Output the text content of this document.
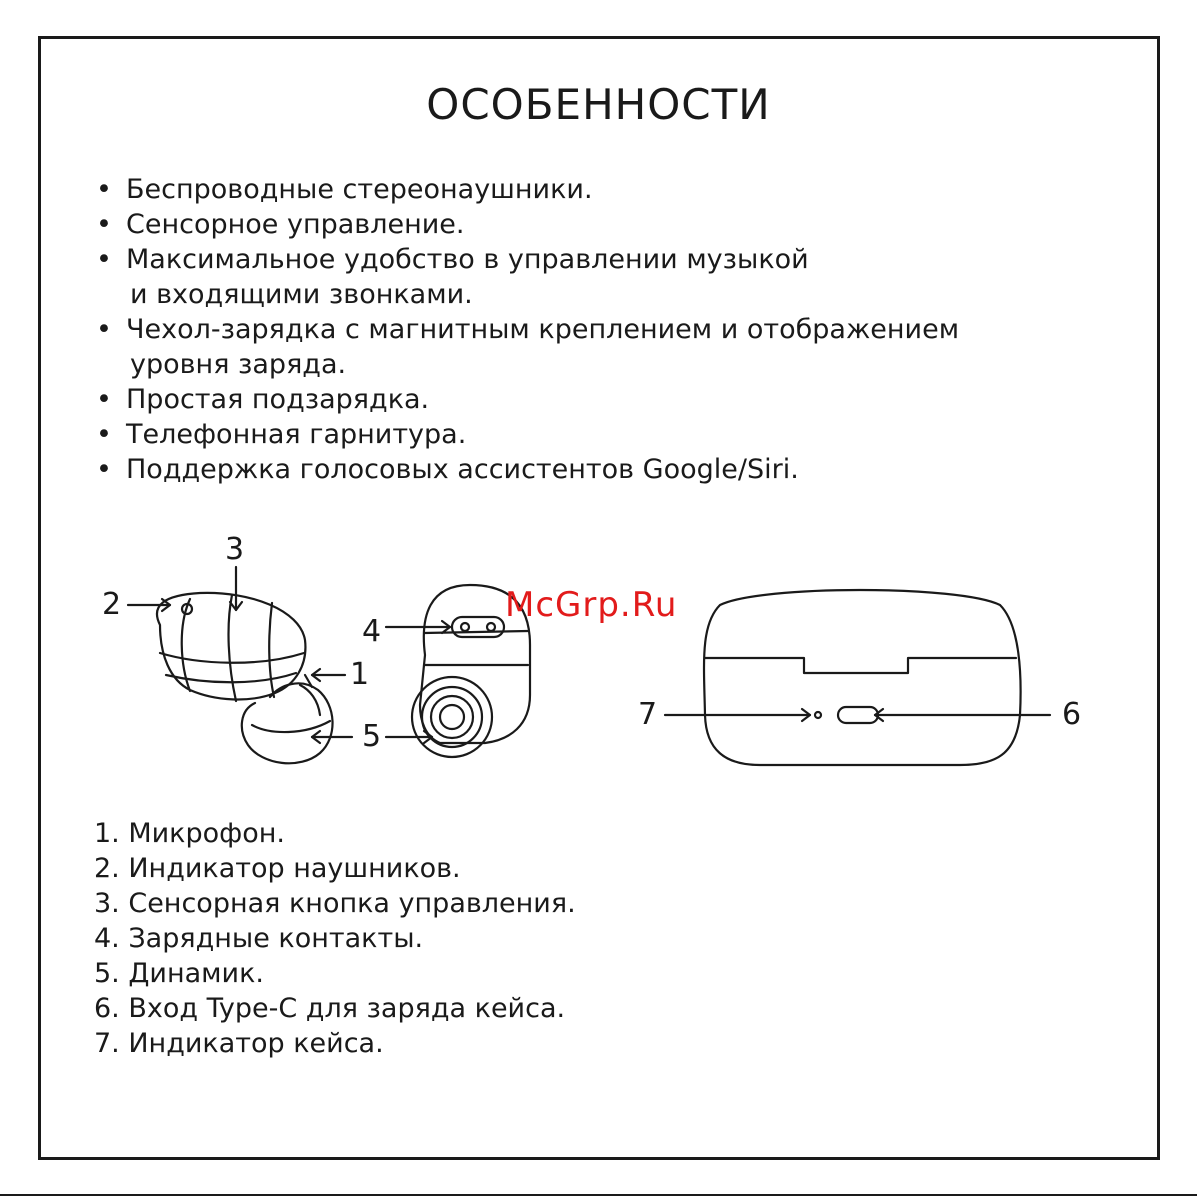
ОСОБЕННОСТИ
• Беспроводные стереонаушники.
• Сенсорное управление.
• Максимальное удобство в управлении музыкой
и входящими звонками.
• Чехол-зарядка с магнитным креплением и отображением
уровня заряда.
• Простая подзарядка.
• Телефонная гарнитура.
• Поддержка голосовых ассистентов Google/Siri.
2
3
1
4
5
7	6
McGrp.Ru
1. Микрофон.
2. Индикатор наушников.
3. Сенсорная кнопка управления.
4. Зарядные контакты.
5. Динамик.
6. Вход Type-C для заряда кейса.
7. Индикатор кейса.
